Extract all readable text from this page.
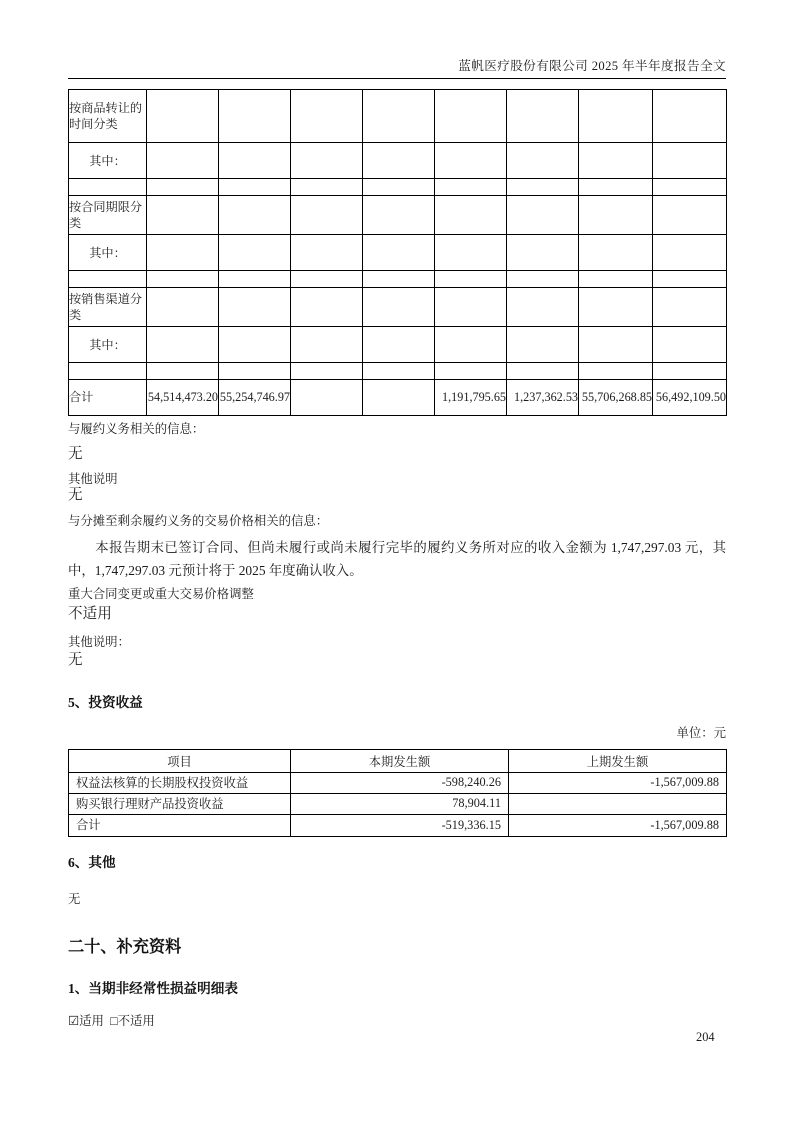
蓝帆医疗股份有限公司 2025 年半年度报告全文
按商品转让的时间分类								
其中：								

按合同期限分类								
其中：								

按销售渠道分类								
其中：								

合计	54,514,473.20	55,254,746.97			1,191,795.65	1,237,362.53	55,706,268.85	56,492,109.50
与履约义务相关的信息：
无
其他说明
无
与分摊至剩余履约义务的交易价格相关的信息：
本报告期末已签订合同、但尚未履行或尚未履行完毕的履约义务所对应的收入金额为 1,747,297.03 元，其中，1,747,297.03 元预计将于 2025 年度确认收入。
重大合同变更或重大交易价格调整
不适用
其他说明：
无
5、投资收益
单位：元
项目	本期发生额	上期发生额
权益法核算的长期股权投资收益	-598,240.26	-1,567,009.88
购买银行理财产品投资收益	78,904.11	
合计	-519,336.15	-1,567,009.88
6、其他
无
二十、补充资料
1、当期非经常性损益明细表
☑适用 □不适用
204
